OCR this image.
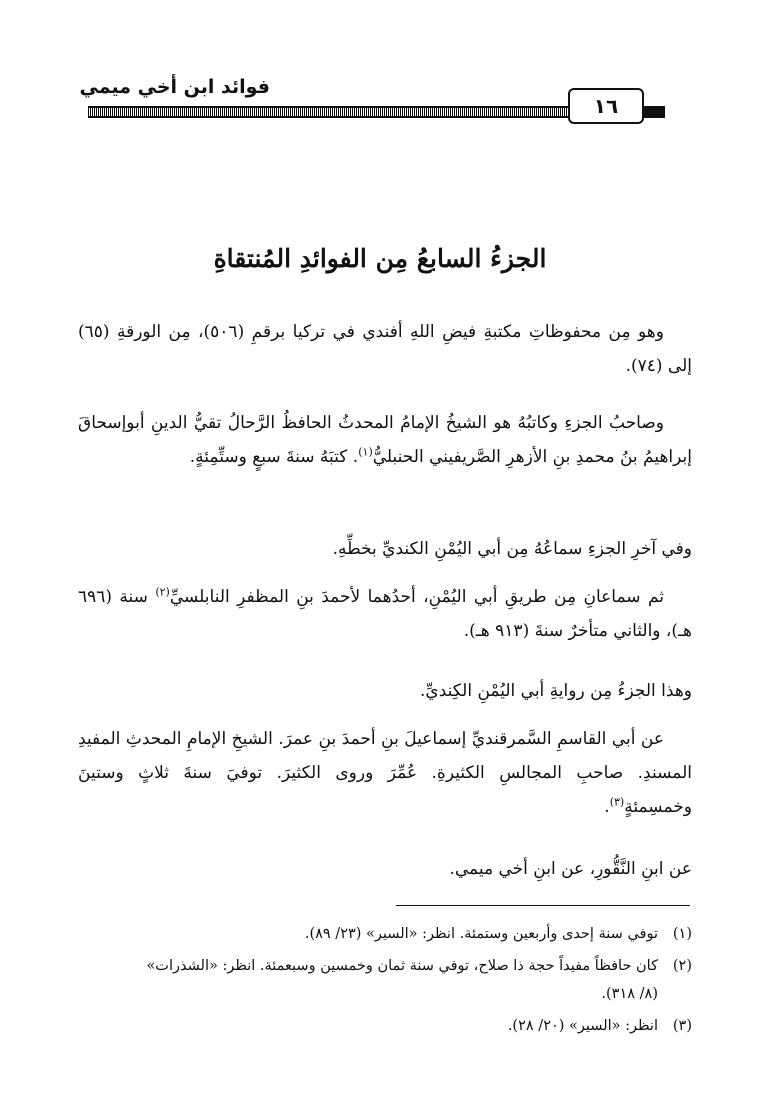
فوائد ابن أخي ميمي
١٦
الجزءُ السابعُ مِن الفوائدِ المُنتقاةِ
وهو مِن محفوظاتِ مكتبةِ فيضِ اللهِ أفندي في تركيا برقمِ (٥٠٦)، مِن الورقةِ (٦٥) إلى (٧٤).
وصاحبُ الجزءِ وكاتبُهُ هو الشيخُ الإمامُ المحدثُ الحافظُ الرَّحالُ تقيُّ الدينِ أبوإسحاقَ إبراهيمُ بنُ محمدِ بنِ الأزهرِ الصَّريفيني الحنبليُّ$^{(١)}$. كتبَهُ سنةَ سبعٍ وستِّمِئةٍ.
وفي آخرِ الجزءِ سماعُهُ مِن أبي اليُمْنِ الكنديِّ بخطِّهِ.
ثم سماعانِ مِن طريقِ أبي اليُمْنِ، أحدُهما لأحمدَ بنِ المظفرِ النابلسيِّ$^{(٢)}$ سنة (٦٩٦ هـ)، والثاني متأخرٌ سنةَ (٩١٣ هـ).
وهذا الجزءُ مِن روايةِ أبي اليُمْنِ الكِنديِّ.
عن أبي القاسمِ السَّمرقنديِّ إسماعيلَ بنِ أحمدَ بنِ عمرَ. الشيخِ الإمامِ المحدثِ المفيدِ المسندِ. صاحبِ المجالسِ الكثيرةِ. عُمِّرَ وروى الكثيرَ. توفيَ سنةَ ثلاثٍ وستينَ وخمسِمئةٍ$^{(٣)}$.
عن ابنِ النَّقُّورِ، عن ابنِ أخي ميمي.
(١)توفي سنة إحدى وأربعين وستمئة. انظر: «السير» (٢٣/ ٨٩).
(٢)كان حافظاً مفيداً حجة ذا صلاح، توفي سنة ثمان وخمسين وسبعمئة. انظر: «الشذرات»
(٨/ ٣١٨).
(٣)انظر: «السير» (٢٠/ ٢٨).
